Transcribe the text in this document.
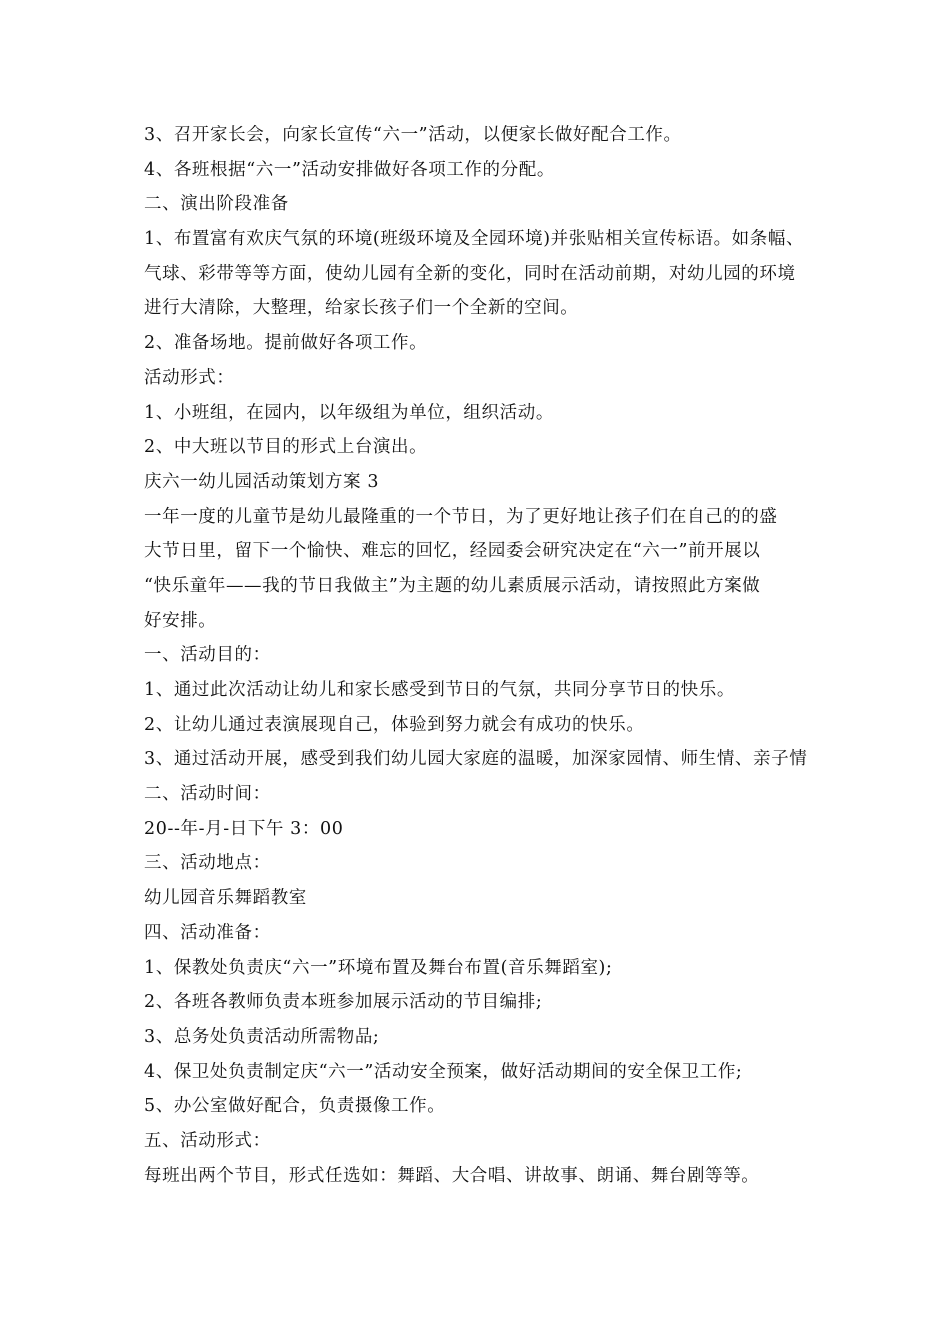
3、召开家长会，向家长宣传“六一”活动，以便家长做好配合工作。
4、各班根据“六一”活动安排做好各项工作的分配。
二、演出阶段准备
1、布置富有欢庆气氛的环境(班级环境及全园环境)并张贴相关宣传标语。如条幅、
气球、彩带等等方面，使幼儿园有全新的变化，同时在活动前期，对幼儿园的环境
进行大清除，大整理，给家长孩子们一个全新的空间。
2、准备场地。提前做好各项工作。
活动形式：
1、小班组，在园内，以年级组为单位，组织活动。
2、中大班以节目的形式上台演出。
庆六一幼儿园活动策划方案 3
一年一度的儿童节是幼儿最隆重的一个节日，为了更好地让孩子们在自己的的盛
大节日里，留下一个愉快、难忘的回忆，经园委会研究决定在“六一”前开展以
“快乐童年——我的节日我做主”为主题的幼儿素质展示活动，请按照此方案做
好安排。
一、活动目的：
1、通过此次活动让幼儿和家长感受到节日的气氛，共同分享节日的快乐。
2、让幼儿通过表演展现自己，体验到努力就会有成功的快乐。
3、通过活动开展，感受到我们幼儿园大家庭的温暖，加深家园情、师生情、亲子情
二、活动时间：
20--年-月-日下午 3：00
三、活动地点：
幼儿园音乐舞蹈教室
四、活动准备：
1、保教处负责庆“六一”环境布置及舞台布置(音乐舞蹈室);
2、各班各教师负责本班参加展示活动的节目编排;
3、总务处负责活动所需物品;
4、保卫处负责制定庆“六一”活动安全预案，做好活动期间的安全保卫工作;
5、办公室做好配合，负责摄像工作。
五、活动形式：
每班出两个节目，形式任选如：舞蹈、大合唱、讲故事、朗诵、舞台剧等等。
